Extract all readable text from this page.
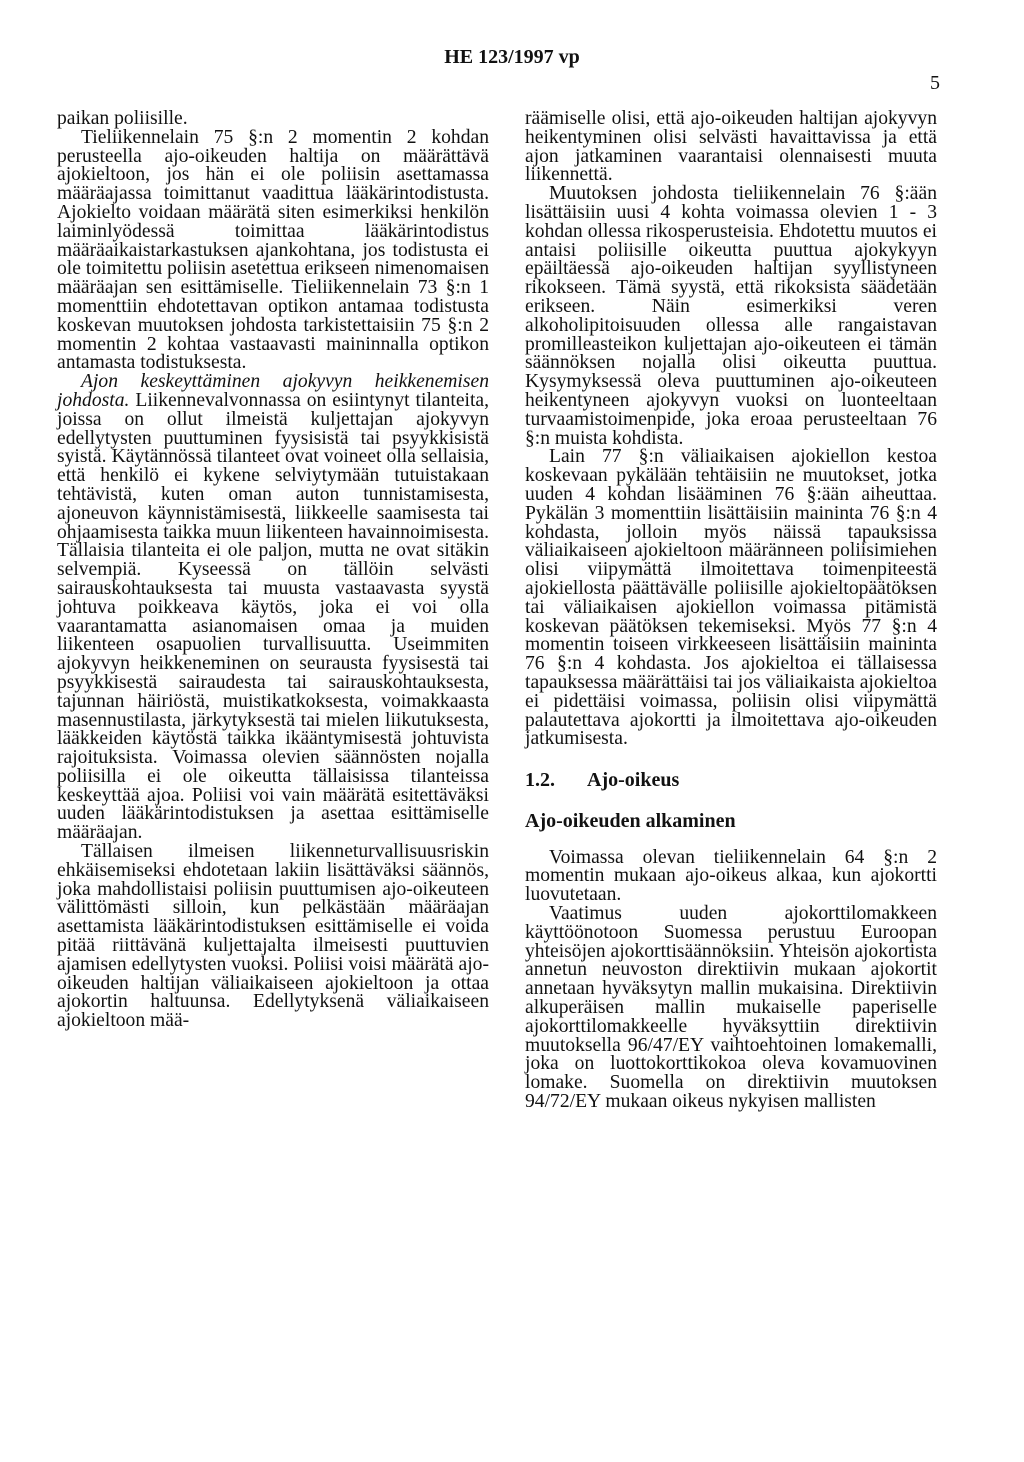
HE 123/1997 vp
5

paikan poliisille.

Tieliikennelain 75 §:n 2 momentin 2 kohdan perusteella ajo-oikeuden haltija on määrättävä ajokieltoon, jos hän ei ole poliisin asettamassa määräajassa toimittanut vaadittua lääkärintodistusta. Ajokielto voidaan määrätä siten esimerkiksi henkilön laiminlyödessä toimittaa lääkärintodistus määräaikaistarkastuksen ajankohtana, jos todistusta ei ole toimitettu poliisin asetettua erikseen nimenomaisen määräajan sen esittämiselle. Tieliikennelain 73 §:n 1 momenttiin ehdotettavan optikon antamaa todistusta koskevan muutoksen johdosta tarkistettaisiin 75 §:n 2 momentin 2 kohtaa vastaavasti maininnalla optikon antamasta todistuksesta.

Ajon keskeyttäminen ajokyvyn heikkenemisen johdosta. Liikennevalvonnassa on esiintynyt tilanteita, joissa on ollut ilmeistä kuljettajan ajokyvyn edellytysten puuttuminen fyysisistä tai psyykkisistä syistä. Käytännössä tilanteet ovat voineet olla sellaisia, että henkilö ei kykene selviytymään tutuistakaan tehtävistä, kuten oman auton tunnistamisesta, ajoneuvon käynnistämisestä, liikkeelle saamisesta tai ohjaamisesta taikka muun liikenteen havainnoimisesta. Tällaisia tilanteita ei ole paljon, mutta ne ovat sitäkin selvempiä. Kyseessä on tällöin selvästi sairauskohtauksesta tai muusta vastaavasta syystä johtuva poikkeava käytös, joka ei voi olla vaarantamatta asianomaisen omaa ja muiden liikenteen osapuolien turvallisuutta. Useimmiten ajokyvyn heikkeneminen on seurausta fyysisestä tai psyykkisestä sairaudesta tai sairauskohtauksesta, tajunnan häiriöstä, muistikatkoksesta, voimakkaasta masennustilasta, järkytyksestä tai mielen liikutuksesta, lääkkeiden käytöstä taikka ikääntymisestä johtuvista rajoituksista. Voimassa olevien säännösten nojalla poliisilla ei ole oikeutta tällaisissa tilanteissa keskeyttää ajoa. Poliisi voi vain määrätä esitettäväksi uuden lääkärintodistuksen ja asettaa esittämiselle määräajan.

Tällaisen ilmeisen liikenneturvallisuusriskin ehkäisemiseksi ehdotetaan lakiin lisättäväksi säännös, joka mahdollistaisi poliisin puuttumisen ajo-oikeuteen välittömästi silloin, kun pelkästään määräajan asettamista lääkärintodistuksen esittämiselle ei voida pitää riittävänä kuljettajalta ilmeisesti puuttuvien ajamisen edellytysten vuoksi. Poliisi voisi määrätä ajo-oikeuden haltijan väliaikaiseen ajokieltoon ja ottaa ajokortin haltuunsa. Edellytyksenä väliaikaiseen ajokieltoon mää-

räämiselle olisi, että ajo-oikeuden haltijan ajokyvyn heikentyminen olisi selvästi havaittavissa ja että ajon jatkaminen vaarantaisi olennaisesti muuta liikennettä.

Muutoksen johdosta tieliikennelain 76 §:ään lisättäisiin uusi 4 kohta voimassa olevien 1 - 3 kohdan ollessa rikosperusteisia. Ehdotettu muutos ei antaisi poliisille oikeutta puuttua ajokykyyn epäiltäessä ajo-oikeuden haltijan syyllistyneen rikokseen. Tämä syystä, että rikoksista säädetään erikseen. Näin esimerkiksi veren alkoholipitoisuuden ollessa alle rangaistavan promilleasteikon kuljettajan ajo-oikeuteen ei tämän säännöksen nojalla olisi oikeutta puuttua. Kysymyksessä oleva puuttuminen ajo-oikeuteen heikentyneen ajokyvyn vuoksi on luonteeltaan turvaamistoimenpide, joka eroaa perusteeltaan 76 §:n muista kohdista.

Lain 77 §:n väliaikaisen ajokiellon kestoa koskevaan pykälään tehtäisiin ne muutokset, jotka uuden 4 kohdan lisääminen 76 §:ään aiheuttaa. Pykälän 3 momenttiin lisättäisiin maininta 76 §:n 4 kohdasta, jolloin myös näissä tapauksissa väliaikaiseen ajokieltoon määränneen poliisimiehen olisi viipymättä ilmoitettava toimenpiteestä ajokiellosta päättävälle poliisille ajokieltopäätöksen tai väliaikaisen ajokiellon voimassa pitämistä koskevan päätöksen tekemiseksi. Myös 77 §:n 4 momentin toiseen virkkeeseen lisättäisiin maininta 76 §:n 4 kohdasta. Jos ajokieltoa ei tällaisessa tapauksessa määrättäisi tai jos väliaikaista ajokieltoa ei pidettäisi voimassa, poliisin olisi viipymättä palautettava ajokortti ja ilmoitettava ajo-oikeuden jatkumisesta.

1.2. Ajo-oikeus
Ajo-oikeuden alkaminen

Voimassa olevan tieliikennelain 64 §:n 2 momentin mukaan ajo-oikeus alkaa, kun ajokortti luovutetaan.

Vaatimus uuden ajokorttilomakkeen käyttöönotoon Suomessa perustuu Euroopan yhteisöjen ajokorttisäännöksiin. Yhteisön ajokortista annetun neuvoston direktiivin mukaan ajokortit annetaan hyväksytyn mallin mukaisina. Direktiivin alkuperäisen mallin mukaiselle paperiselle ajokorttilomakkeelle hyväksyttiin direktiivin muutoksella 96/47/EY vaihtoehtoinen lomakemalli, joka on luottokorttikokoa oleva kovamuovinen lomake. Suomella on direktiivin muutoksen 94/72/EY mukaan oikeus nykyisen mallisten
